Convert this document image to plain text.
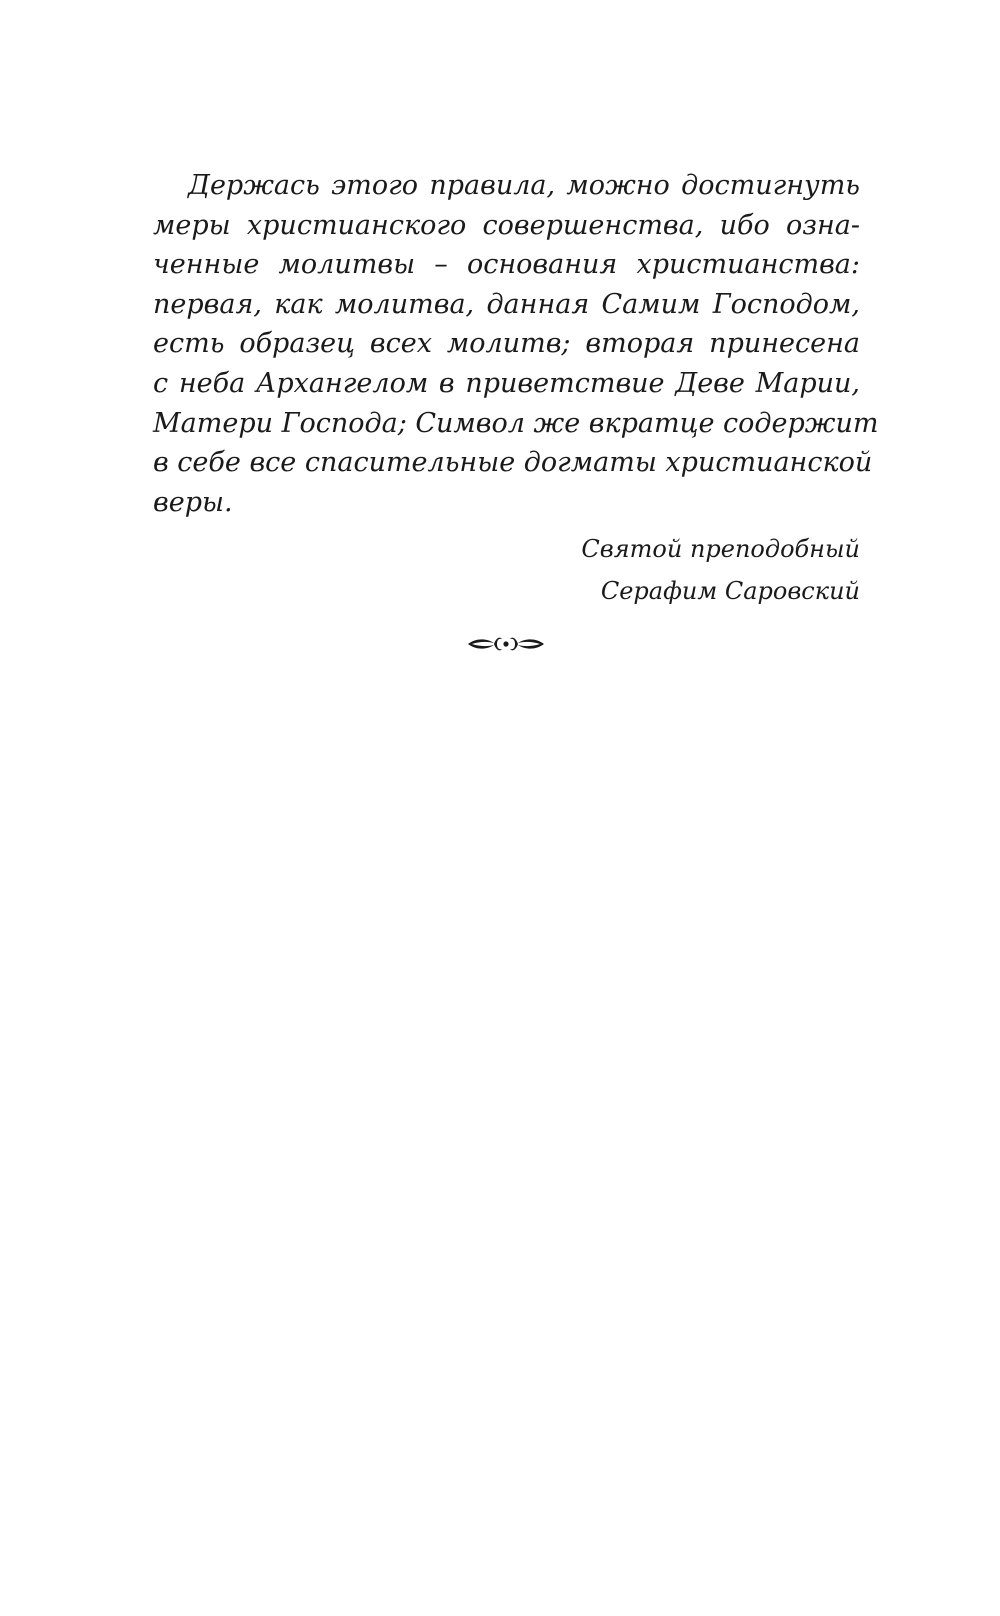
Держась этого правила, можно достигнуть
меры христианского совершенства, ибо озна-
ченные молитвы – основания христианства:
первая, как молитва, данная Самим Господом,
есть образец всех молитв; вторая принесена
с неба Архангелом в приветствие Деве Марии,
Матери Господа; Символ же вкратце содержит
в себе все спасительные догматы христианской
веры.
Святой преподобный
Серафим Саровский
